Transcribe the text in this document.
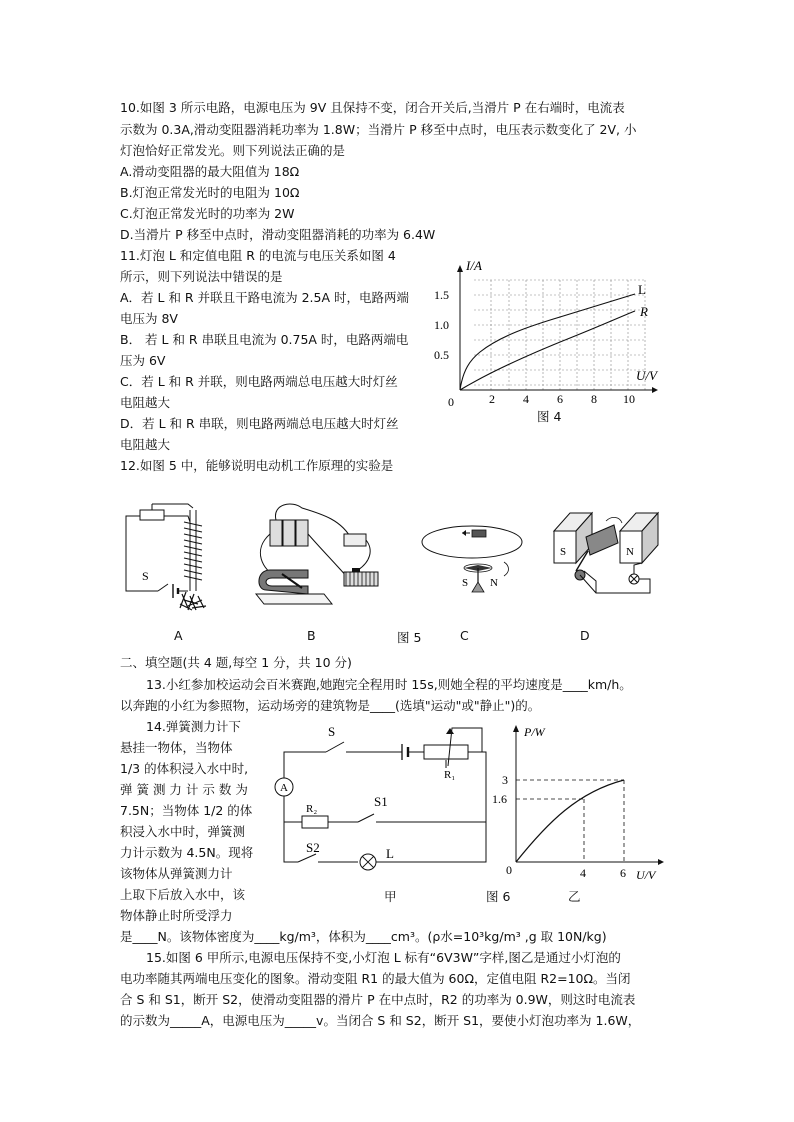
10.如图 3 所示电路，电源电压为 9V 且保持不变，闭合开关后,当滑片 P 在右端时，电流表
示数为 0.3A,滑动变阻器消耗功率为 1.8W；当滑片 P 移至中点时，电压表示数变化了 2V, 小
灯泡恰好正常发光。则下列说法正确的是
A.滑动变阻器的最大阻值为 18Ω
B.灯泡正常发光时的电阻为 10Ω
C.灯泡正常发光时的功率为 2W
D.当滑片 P 移至中点时，滑动变阻器消耗的功率为 6.4W
11.灯泡 L 和定值电阻 R 的电流与电压关系如图 4
所示，则下列说法中错误的是
A．若 L 和 R 并联且干路电流为 2.5A 时，电路两端
电压为 8V
B． 若 L 和 R 串联且电流为 0.75A 时，电路两端电
压为 6V
C．若 L 和 R 并联，则电路两端总电压越大时灯丝
电阻越大
D．若 L 和 R 串联，则电路两端总电压越大时灯丝
电阻越大
I/A
U/V
1.5
1.0
0.5
0	2 4 6 8 10
L
R
图 4
12.如图 5 中，能够说明电动机工作原理的实验是
S	S N
S	N
A	B	图 5	C	D
二、填空题(共 4 题,每空 1 分，共 10 分)
13.小红参加校运动会百米赛跑,她跑完全程用时 15s,则她全程的平均速度是____km/h。
以奔跑的小红为参照物，运动场旁的建筑物是____(选填"运动"或"静止")的。
14.弹簧测力计下
悬挂一物体，当物体
1/3 的体积浸入水中时,
弹 簧 测 力 计 示 数 为
7.5N；当物体 1/2 的体
积浸入水中时，弹簧测
力计示数为 4.5N。现将
该物体从弹簧测力计
上取下后放入水中，该
物体静止时所受浮力
是____N。该物体密度为____kg/m³，体积为____cm³。(ρ水=10³kg/m³ ,g 取 10N/kg)
S
R₁
A
R₂	S1
S2	L
甲	图 6	乙
P/W
U/V
3
1.6
4	6
0
15.如图 6 甲所示,电源电压保持不变,小灯泡 L 标有“6V3W”字样,图乙是通过小灯泡的
电功率随其两端电压变化的图象。滑动变阻 R1 的最大值为 60Ω，定值电阻 R2=10Ω。当闭
合 S 和 S1，断开 S2，使滑动变阻器的滑片 P 在中点时，R2 的功率为 0.9W，则这时电流表
的示数为_____A，电源电压为_____v。当闭合 S 和 S2，断开 S1，要使小灯泡功率为 1.6W，
